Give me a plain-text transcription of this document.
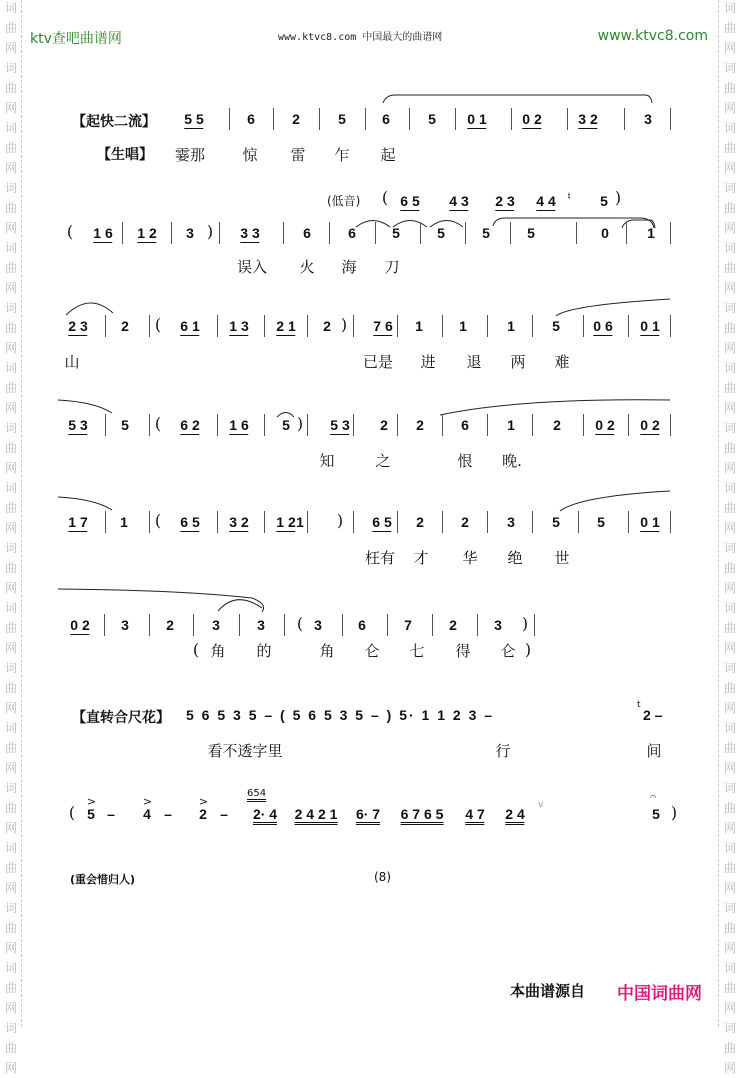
词
曲
网
词
曲
网
词
曲
网
词
曲
网
词
曲
网
词
曲
网
词
曲
网
词
曲
网
词
曲
网
词
曲
网
词
曲
网
词
曲
网
词
曲
网
词
曲
网
词
曲
网
词
曲
网
词
曲
网
词
曲
网
词
曲
网
词
曲
网
词
曲
网
词
曲
网
词
曲
网
词
曲
网
词
曲
网
词
曲
网
词
曲
网
词
曲
网
词
曲
网
词
曲
网
词
曲
网
词
曲
网
词
曲
网
词
曲
网
词
曲
网
词
曲
网
ktv查吧曲谱网	www.ktvc8.com 中国最大的曲谱网	www.ktvc8.com
【起快二流】 5 5	6	2	5	6	5 0 1	0 2	3 2	3
【生唱】 霎那 惊 雷 乍 起
(低音) ( 6 5 4 3 2 3 4 4 ♮ 5 )
( 1 6 1 2 3 ) 3 3	6	6	5	5	5	5	0	1
误入 火 海 刀
2 3 2 ( 6 1 1 3 2 1 2 ) 7 6 1	1	1	5 0 6 0 1
山	已是 进 退 两 难
5 3 5 ( 6 2 1 6 5 ) 5 3 2 2	6	1	2 0 2 0 2
知	之	恨 晚.
1 7 1 ( 6 5 3 2 1 2 1 ) 6 5 2	2	3	5	5	0 1
枉有 才 华 绝 世
0 2 3	2	3	3 ( 3	6	7	2	3 )
( 角 的	角 仑 七 得 仑 )
【直转合尺花】 5 6 5 3 5 – ( 5 6 5 3 5 – ) 5· 1 1 2 3 –
t
2 –
看不透字里	行	间
( 5
>
– 4
>
– 2
>
–
654
2· 4 2 4 2 1 6· 7 6 7 6 5 4 7 2 4
v
𝄐
5 )
(重会惜归人)	(8)
本曲谱源自 中国词曲网
